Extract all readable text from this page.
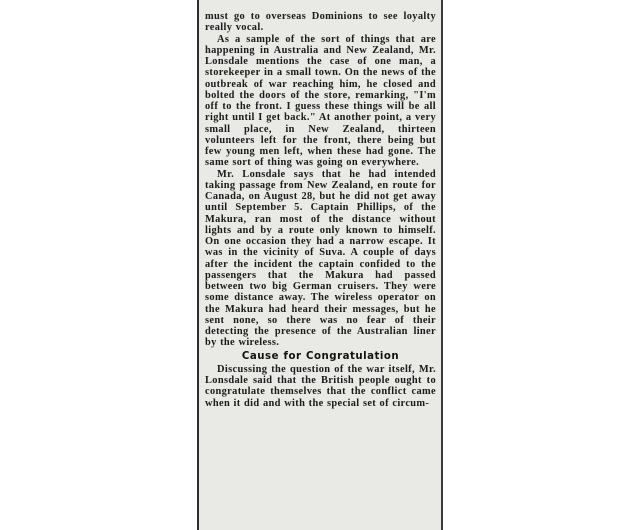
must go to overseas Dominions to see loyalty really vocal.

As a sample of the sort of things that are happening in Australia and New Zealand, Mr. Lonsdale mentions the case of one man, a storekeeper in a small town. On the news of the outbreak of war reaching him, he closed and bolted the doors of the store, remarking, "I'm off to the front. I guess these things will be all right until I get back." At another point, a very small place, in New Zealand, thirteen volunteers left for the front, there being but few young men left, when these had gone. The same sort of thing was going on everywhere.

Mr. Lonsdale says that he had intended taking passage from New Zealand, en route for Canada, on August 28, but he did not get away until September 5. Captain Phillips, of the Makura, ran most of the distance without lights and by a route only known to himself. On one occasion they had a narrow escape. It was in the vicinity of Suva. A couple of days after the incident the captain confided to the passengers that the Makura had passed between two big German cruisers. They were some distance away. The wireless operator on the Makura had heard their messages, but he sent none, so there was no fear of their detecting the presence of the Australian liner by the wireless.

Cause for Congratulation

Discussing the question of the war itself, Mr. Lonsdale said that the British people ought to congratulate themselves that the conflict came when it did and with the special set of circum-
